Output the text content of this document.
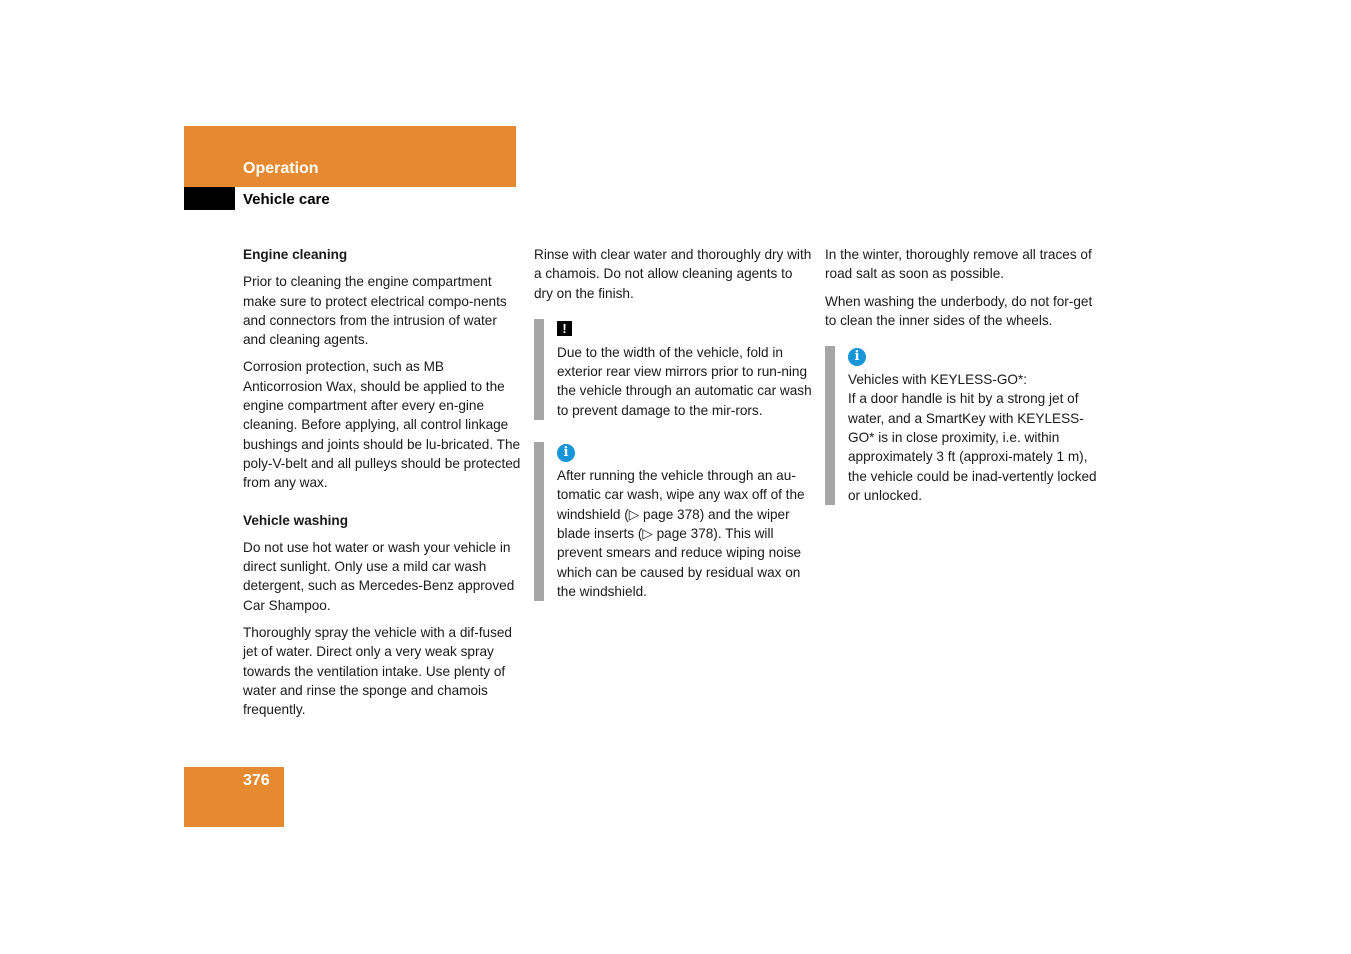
Operation
Vehicle care
Engine cleaning

Prior to cleaning the engine compartment make sure to protect electrical compo-nents and connectors from the intrusion of water and cleaning agents.

Corrosion protection, such as MB Anticorrosion Wax, should be applied to the engine compartment after every en-gine cleaning. Before applying, all control linkage bushings and joints should be lu-bricated. The poly-V-belt and all pulleys should be protected from any wax.

Vehicle washing

Do not use hot water or wash your vehicle in direct sunlight. Only use a mild car wash detergent, such as Mercedes-Benz approved Car Shampoo.

Thoroughly spray the vehicle with a dif-fused jet of water. Direct only a very weak spray towards the ventilation intake. Use plenty of water and rinse the sponge and chamois frequently.

Rinse with clear water and thoroughly dry with a chamois. Do not allow cleaning agents to dry on the finish.

!

Due to the width of the vehicle, fold in exterior rear view mirrors prior to run-ning the vehicle through an automatic car wash to prevent damage to the mir-rors.

i

After running the vehicle through an au-tomatic car wash, wipe any wax off of the windshield (▷ page 378) and the wiper blade inserts (▷ page 378). This will prevent smears and reduce wiping noise which can be caused by residual wax on the windshield.

In the winter, thoroughly remove all traces of road salt as soon as possible.

When washing the underbody, do not for-get to clean the inner sides of the wheels.

i

Vehicles with KEYLESS-GO*:

If a door handle is hit by a strong jet of water, and a SmartKey with KEYLESS-GO* is in close proximity, i.e. within approximately 3 ft (approxi-mately 1 m), the vehicle could be inad-vertently locked or unlocked.

376
